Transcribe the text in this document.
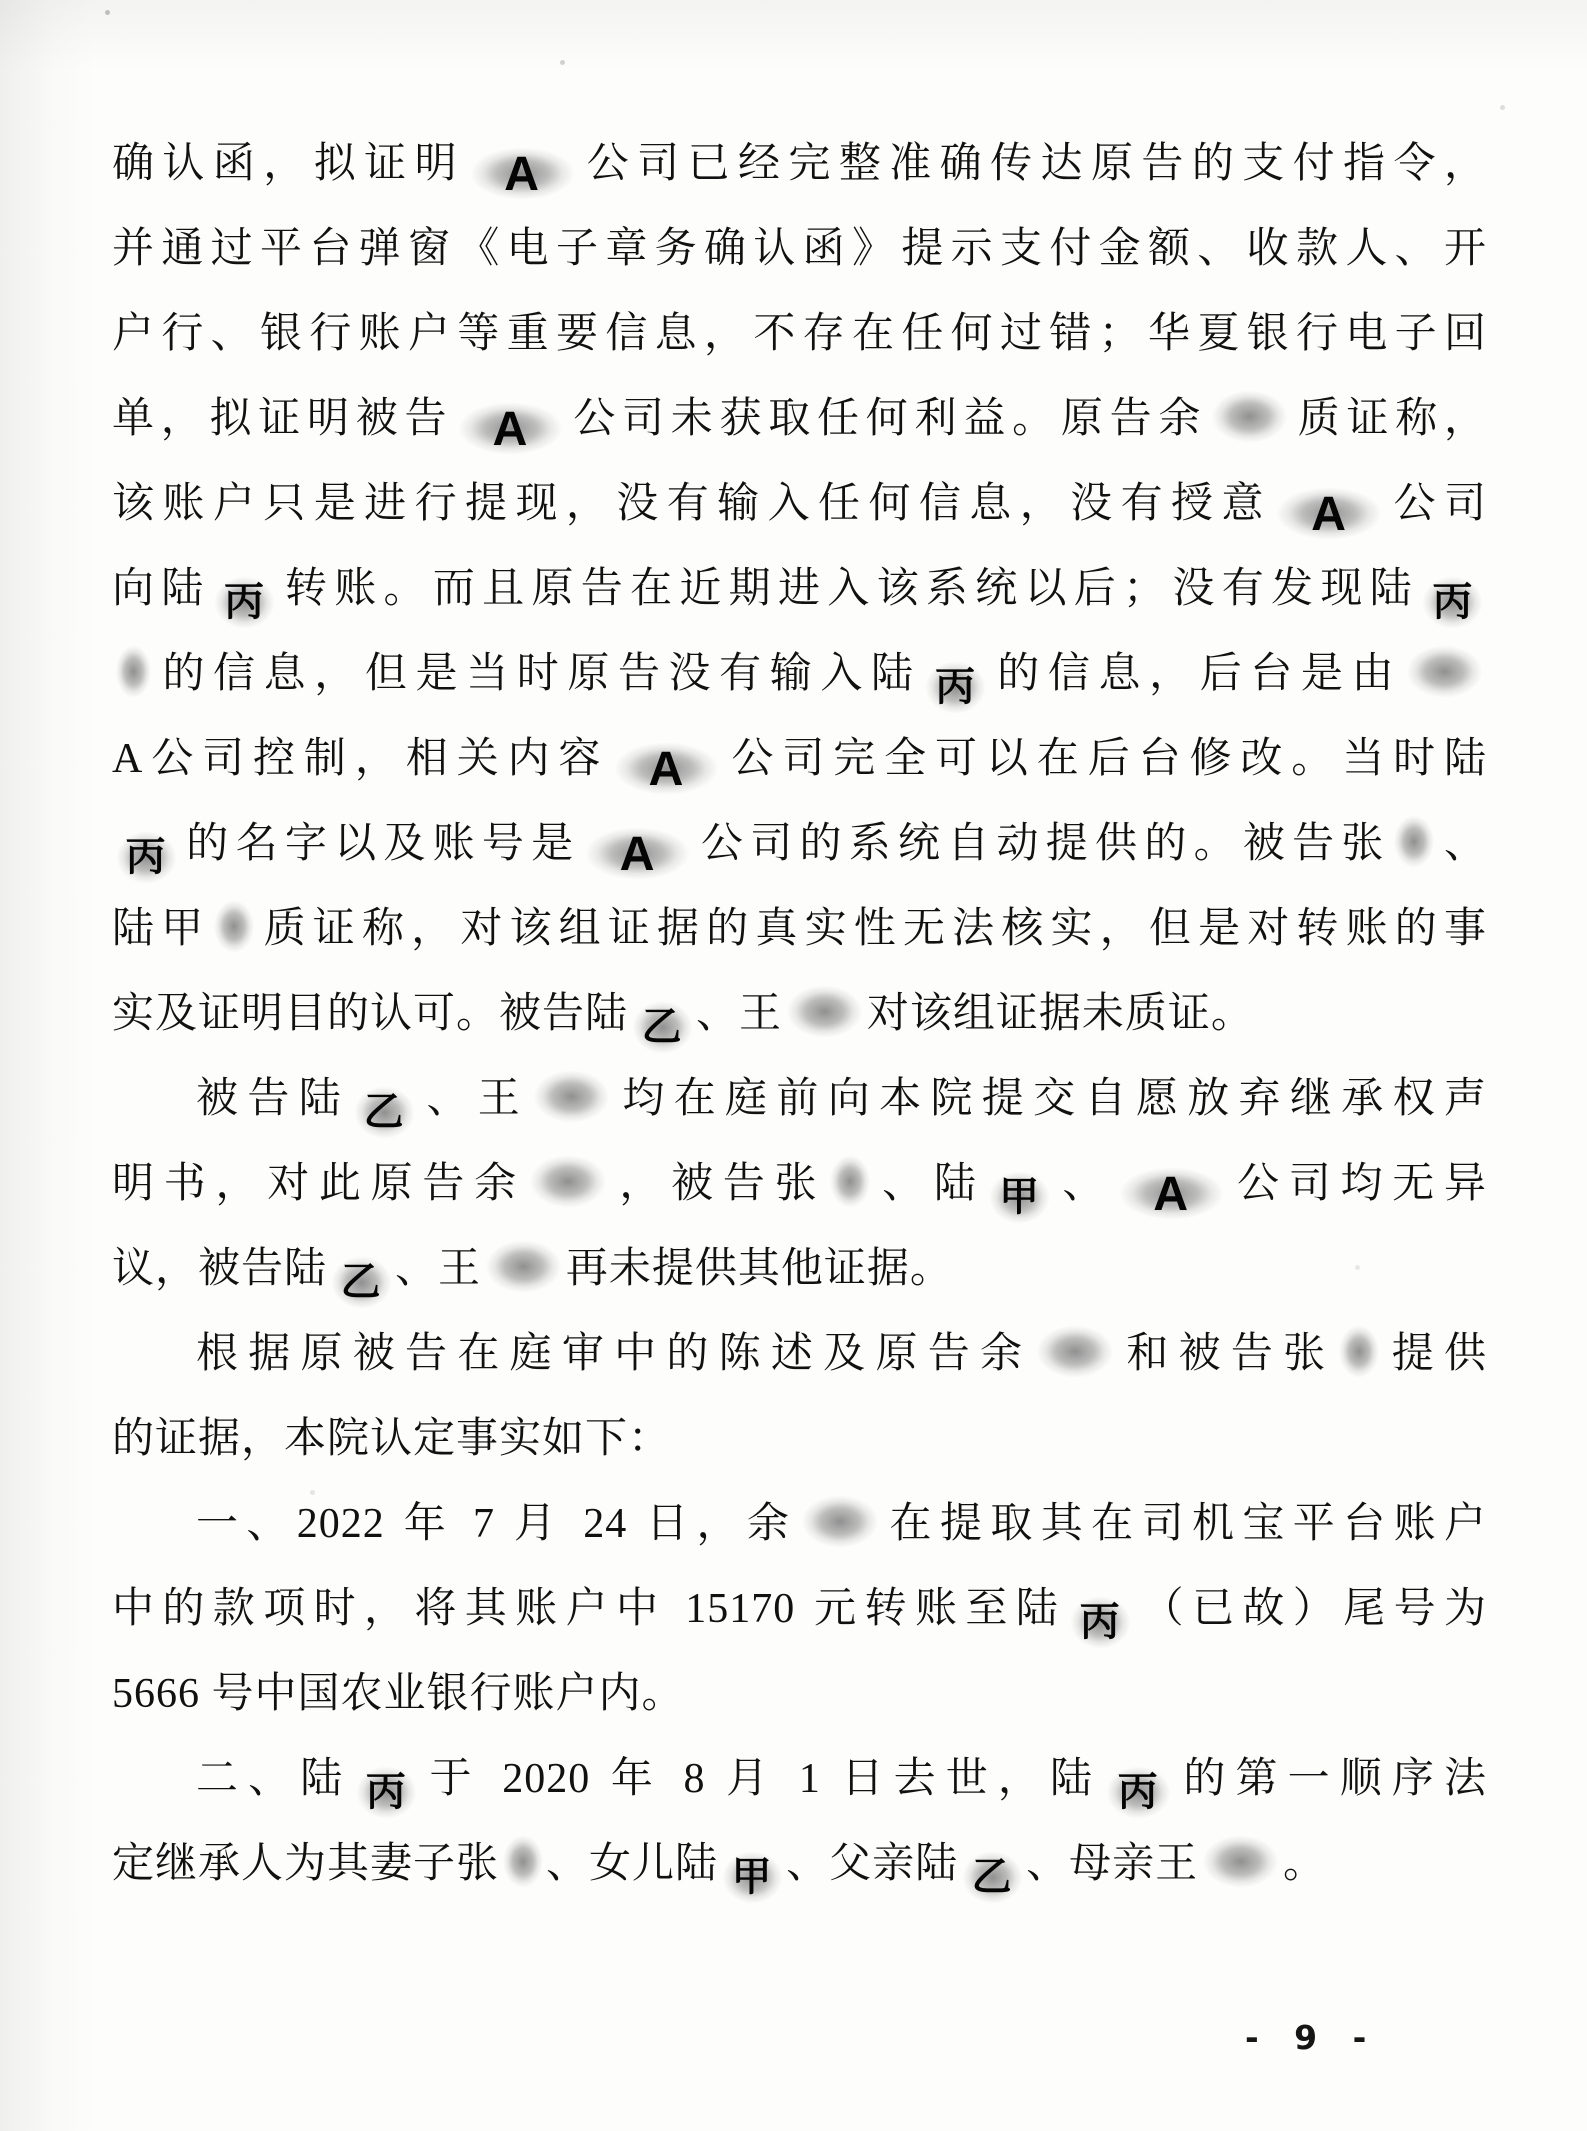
确认函，拟证明 A 公司已经完整准确传达原告的支付指令，
并通过平台弹窗《电子章务确认函》提示支付金额、收款人、开
户行、银行账户等重要信息，不存在任何过错；华夏银行电子回
单，拟证明被告 A 公司未获取任何利益。原告余 质证称，
该账户只是进行提现，没有输入任何信息，没有授意 A 公司
向陆 丙 转账。而且原告在近期进入该系统以后；没有发现陆 丙
的信息，但是当时原告没有输入陆 丙 的信息，后台是由
A公司控制，相关内容 A 公司完全可以在后台修改。当时陆
丙 的名字以及账号是 A 公司的系统自动提供的。被告张 、
陆甲 质证称，对该组证据的真实性无法核实，但是对转账的事
实及证明目的认可。被告陆 乙 、王 对该组证据未质证。
被告陆 乙 、王 均在庭前向本院提交自愿放弃继承权声
明书，对此原告余 ，被告张 、陆 甲 、 A 公司均无异
议，被告陆 乙 、王 再未提供其他证据。
根据原被告在庭审中的陈述及原告余 和被告张 提供
的证据，本院认定事实如下：
一、2022 年 7 月 24 日，余 在提取其在司机宝平台账户
中的款项时，将其账户中 15170 元转账至陆 丙 （已故）尾号为
5666 号中国农业银行账户内。
二、陆 丙 于 2020 年 8 月 1 日去世，陆 丙 的第一顺序法
定继承人为其妻子张 、女儿陆 甲 、父亲陆 乙 、母亲王 。
- 9 -
